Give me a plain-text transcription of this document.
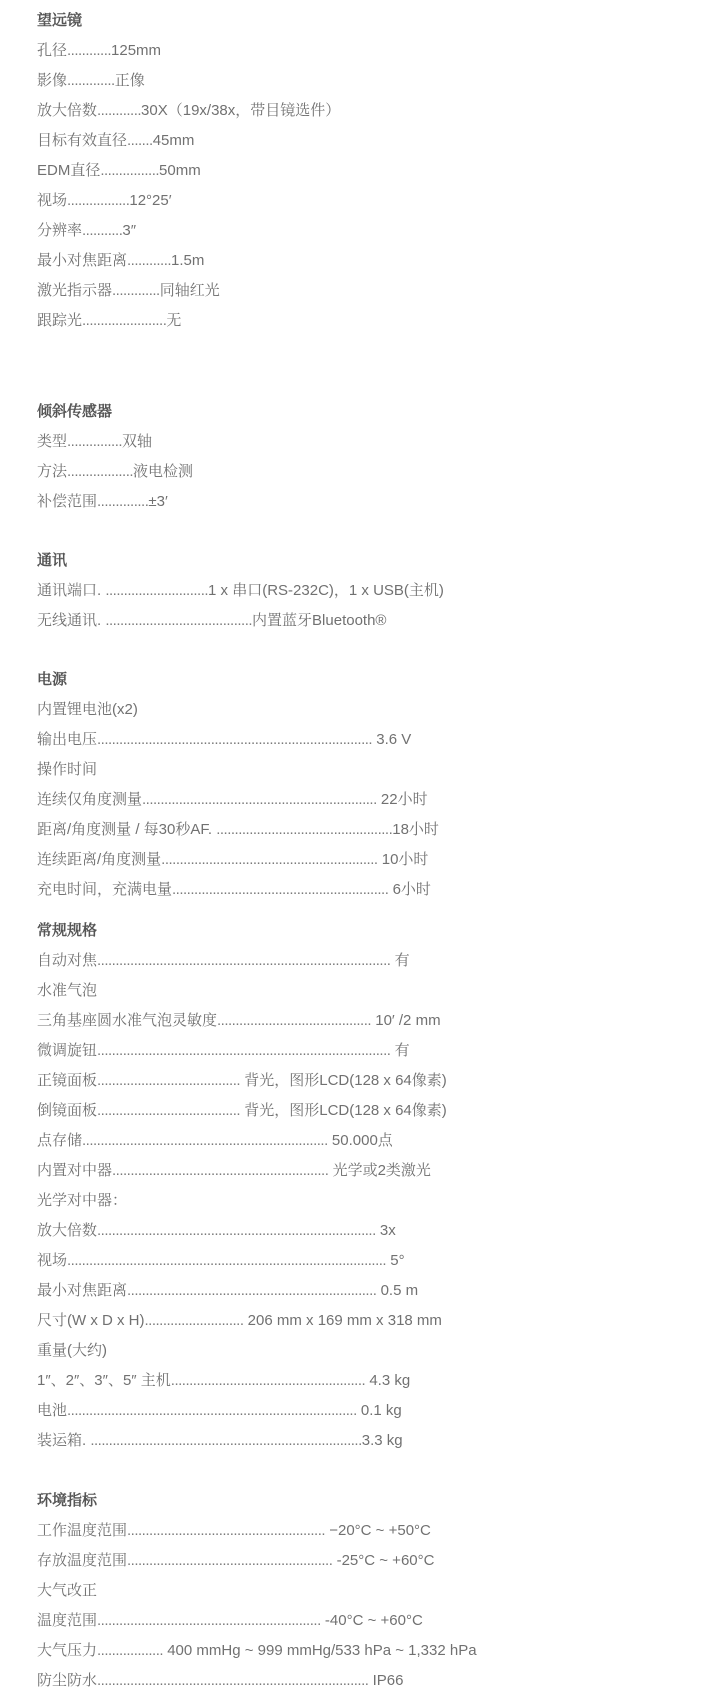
望远镜
孔径............125mm
影像.............正像
放大倍数............30X（19x/38x，带目镜选件）
目标有效直径.......45mm
EDM直径................50mm
视场.................12°25′
分辨率...........3″
最小对焦距离............1.5m
激光指示器.............同轴红光
跟踪光.......................无
倾斜传感器
类型...............双轴
方法..................液电检测
补偿范围..............±3′
通讯
通讯端口. ............................1 x 串口(RS-232C)，1 x USB(主机)
无线通讯. ........................................内置蓝牙Bluetooth®
电源
内置锂电池(x2)
输出电压........................................................................... 3.6 V
操作时间
连续仅角度测量................................................................ 22小时
距离/角度测量 / 每30秒AF. ................................................18小时
连续距离/角度测量........................................................... 10小时
充电时间，充满电量........................................................... 6小时
常规规格
自动对焦................................................................................ 有
水准气泡
三角基座圆水准气泡灵敏度.......................................... 10′ /2 mm
微调旋钮................................................................................ 有
正镜面板....................................... 背光，图形LCD(128 x 64像素)
倒镜面板....................................... 背光，图形LCD(128 x 64像素)
点存储................................................................... 50.000点
内置对中器........................................................... 光学或2类激光
光学对中器：
放大倍数............................................................................ 3x
视场....................................................................................... 5°
最小对焦距离.................................................................... 0.5 m
尺寸(W x D x H)........................... 206 mm x 169 mm x 318 mm
重量(大约)
1″、2″、3″、5″ 主机..................................................... 4.3 kg
电池............................................................................... 0.1 kg
装运箱. ..........................................................................3.3 kg
环境指标
工作温度范围...................................................... −20°C ~ +50°C
存放温度范围........................................................ -25°C ~ +60°C
大气改正
温度范围............................................................. -40°C ~ +60°C
大气压力.................. 400 mmHg ~ 999 mmHg/533 hPa ~ 1,332 hPa
防尘防水.......................................................................... IP66
